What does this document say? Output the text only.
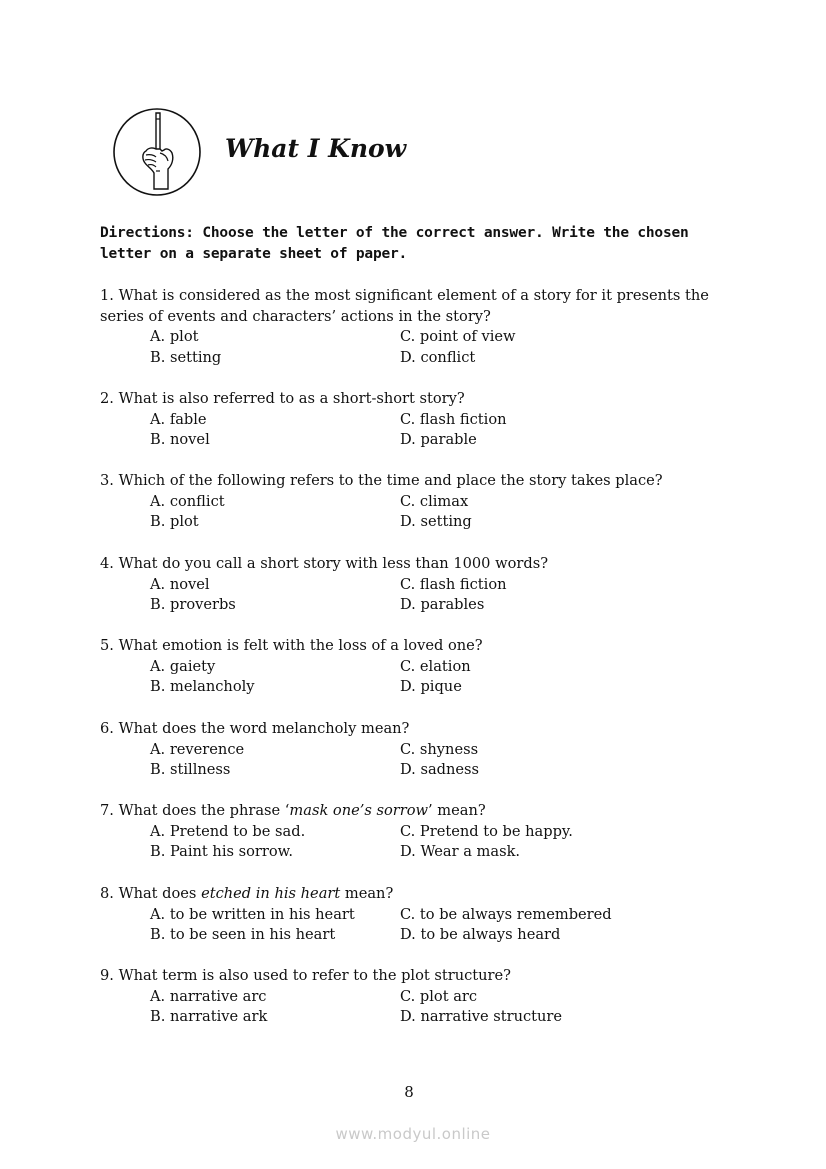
What I Know
Directions: Choose the letter of the correct answer. Write the chosen letter on a separate sheet of paper.

1. What is considered as the most significant element of a story for it presents the series of events and characters’ actions in the story?

A. plot	C. point of view
B. setting	D. conflict

2. What is also referred to as a short-short story?

A. fable	C. flash fiction
B. novel	D. parable

3. Which of the following refers to the time and place the story takes place?

A. conflict	C. climax
B. plot	D. setting

4. What do you call a short story with less than 1000 words?

A. novel	C. flash fiction
B. proverbs	D. parables

5. What emotion is felt with the loss of a loved one?

A. gaiety	C. elation
B. melancholy	D. pique

6. What does the word melancholy mean?

A. reverence	C. shyness
B. stillness	D. sadness

7. What does the phrase ‘mask one’s sorrow’ mean?

A. Pretend to be sad.	C. Pretend to be happy.
B. Paint his sorrow.	D. Wear a mask.

8. What does etched in his heart mean?

A. to be written in his heart	C. to be always remembered
B. to be seen in his heart	D. to be always heard

9. What term is also used to refer to the plot structure?

A. narrative arc	C. plot arc
B. narrative ark	D. narrative structure
8
www.modyul.online
